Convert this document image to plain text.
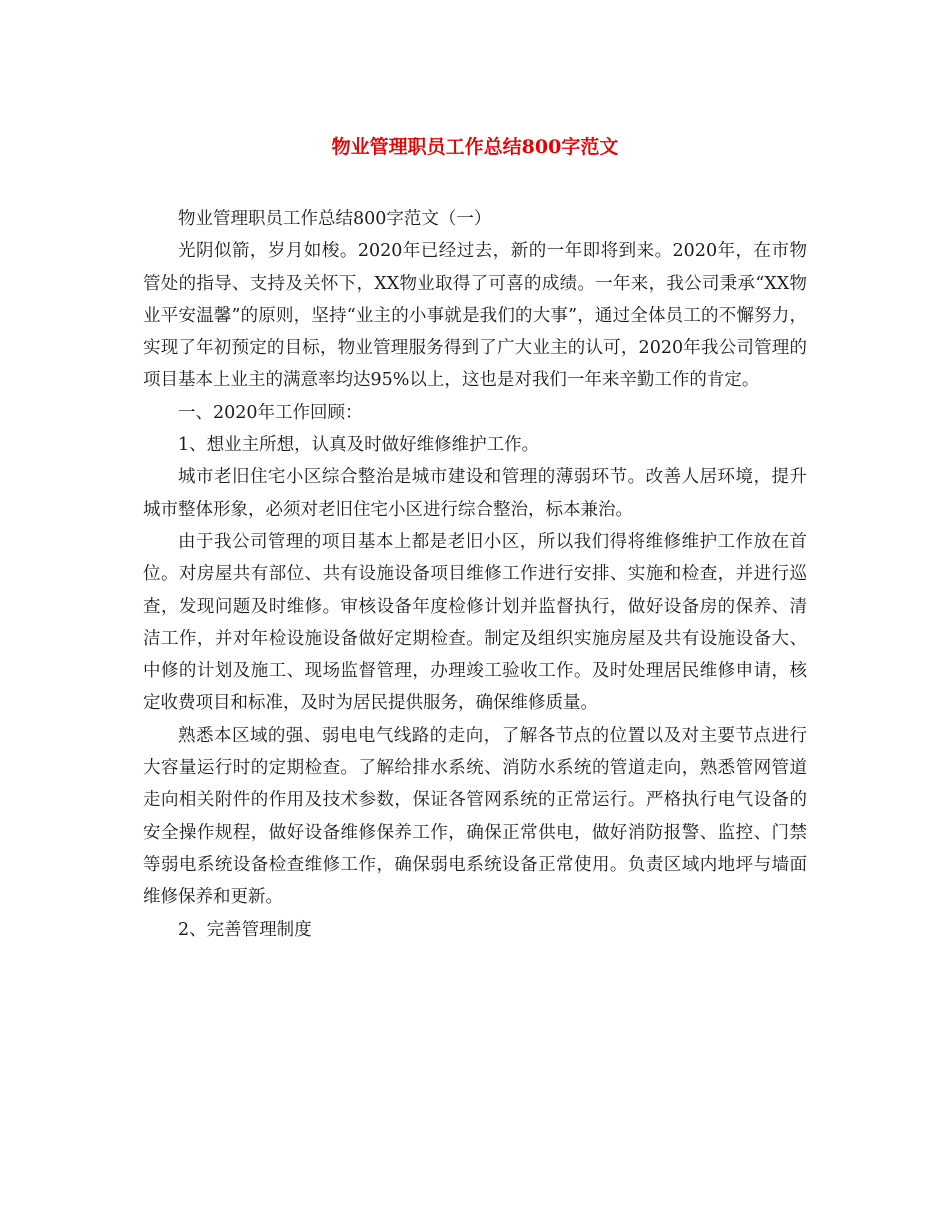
物业管理职员工作总结800字范文

物业管理职员工作总结800字范文（一）

光阴似箭，岁月如梭。2020年已经过去，新的一年即将到来。2020年，在市物管处的指导、支持及关怀下，XX物业取得了可喜的成绩。一年来，我公司秉承“XX物业平安温馨”的原则，坚持“业主的小事就是我们的大事”，通过全体员工的不懈努力，实现了年初预定的目标，物业管理服务得到了广大业主的认可，2020年我公司管理的项目基本上业主的满意率均达95%以上，这也是对我们一年来辛勤工作的肯定。

一、2020年工作回顾：

1、想业主所想，认真及时做好维修维护工作。

城市老旧住宅小区综合整治是城市建设和管理的薄弱环节。改善人居环境，提升城市整体形象，必须对老旧住宅小区进行综合整治，标本兼治。

由于我公司管理的项目基本上都是老旧小区，所以我们得将维修维护工作放在首位。对房屋共有部位、共有设施设备项目维修工作进行安排、实施和检查，并进行巡查，发现问题及时维修。审核设备年度检修计划并监督执行，做好设备房的保养、清洁工作，并对年检设施设备做好定期检查。制定及组织实施房屋及共有设施设备大、中修的计划及施工、现场监督管理，办理竣工验收工作。及时处理居民维修申请，核定收费项目和标准，及时为居民提供服务，确保维修质量。

熟悉本区域的强、弱电电气线路的走向，了解各节点的位置以及对主要节点进行大容量运行时的定期检查。了解给排水系统、消防水系统的管道走向，熟悉管网管道走向相关附件的作用及技术参数，保证各管网系统的正常运行。严格执行电气设备的安全操作规程，做好设备维修保养工作，确保正常供电，做好消防报警、监控、门禁等弱电系统设备检查维修工作，确保弱电系统设备正常使用。负责区域内地坪与墙面维修保养和更新。

2、完善管理制度
